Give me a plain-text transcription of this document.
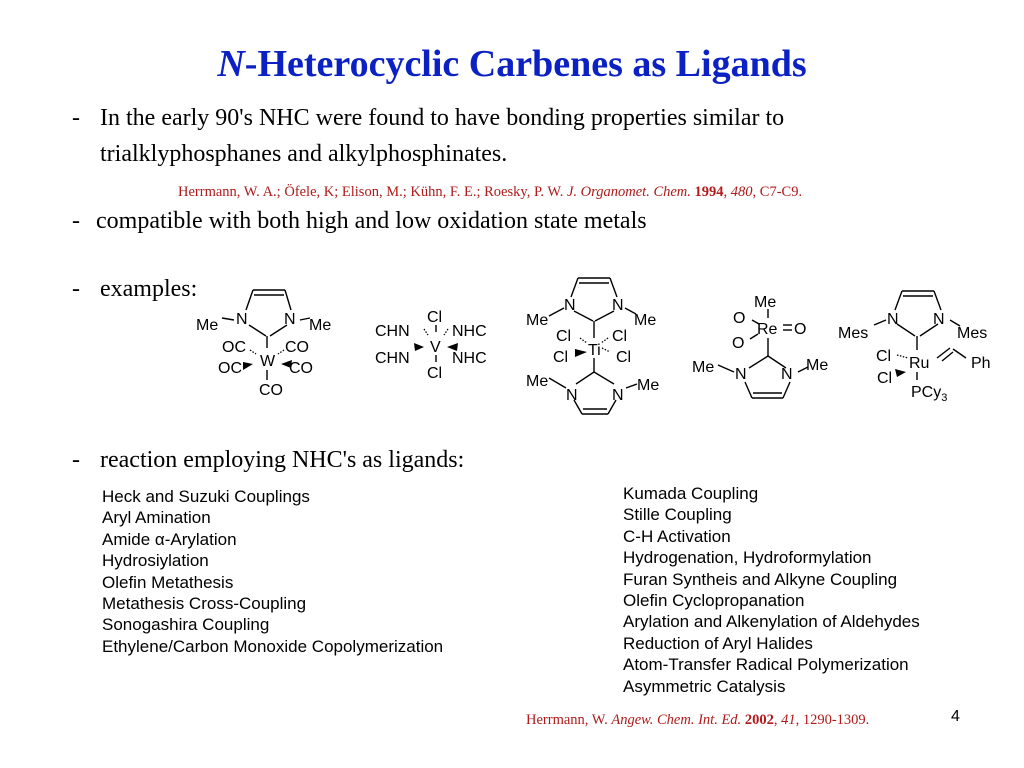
N-Heterocyclic Carbenes as Ligands
- In the early 90's NHC were found to have bonding properties similar to
trialklyphosphanes and alkylphosphinates.
Herrmann, W. A.; Öfele, K; Elison, M.; Kühn, F. E.; Roesky, P. W. J. Organomet. Chem. 1994, 480, C7-C9.
- compatible with both high and low oxidation state metals
- examples:
- reaction employing NHC's as ligands:
N N
Me	Me
OC CO
W
OC	CO
CO
Cl
CHN	NHC
V
CHN	NHC
Cl
N N
Me	Me
Cl	Cl
Ti
Cl	Cl
Me	Me
N N
Me
O
Re O
O
Me N N
Me
N N
Mes	Mes
Cl Ru	Ph
Cl
PCy$_3$
Heck and Suzuki Couplings
Aryl Amination
Amide α-Arylation
Hydrosiylation
Olefin Metathesis
Metathesis Cross-Coupling
Sonogashira Coupling
Ethylene/Carbon Monoxide Copolymerization
Kumada Coupling
Stille Coupling
C-H Activation
Hydrogenation, Hydroformylation
Furan Syntheis and Alkyne Coupling
Olefin Cyclopropanation
Arylation and Alkenylation of Aldehydes
Reduction of Aryl Halides
Atom-Transfer Radical Polymerization
Asymmetric Catalysis
Herrmann, W. Angew. Chem. Int. Ed. 2002, 41, 1290-1309.	4
